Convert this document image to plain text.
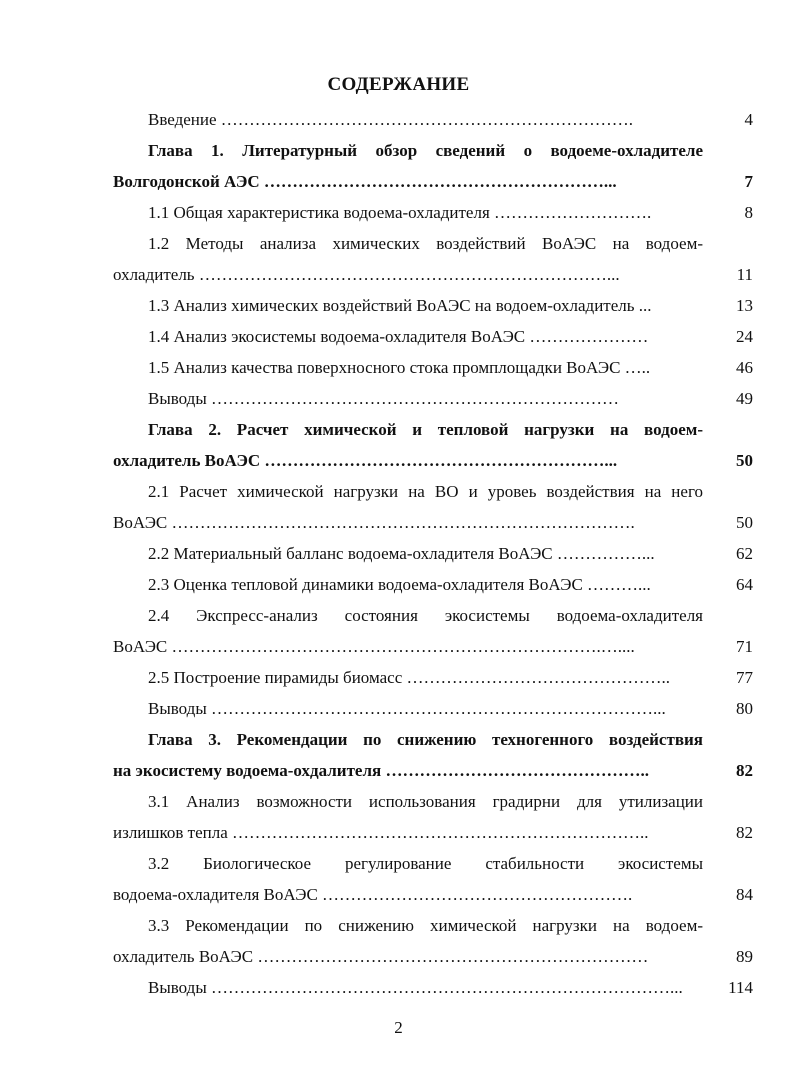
СОДЕРЖАНИЕ
Введение ……………………………………………………………….	4
Глава 1. Литературный обзор сведений о водоеме-охладителе
Волгодонской АЭС ……………………………………………………...	7
1.1 Общая характеристика водоема-охладителя ……………………….	8
1.2 Методы анализа химических воздействий ВоАЭС на водоем-
охладитель ………………………………………………………………...	11
1.3 Анализ химических воздействий ВоАЭС на водоем-охладитель ...	13
1.4 Анализ экосистемы водоема-охладителя ВоАЭС …………………	24
1.5 Анализ качества поверхносного стока промплощадки ВоАЭС …..	46
Выводы ………………………………………………………………	49
Глава 2. Расчет химической и тепловой нагрузки на водоем-
охладитель ВоАЭС ……………………………………………………...	50
2.1 Расчет химической нагрузки на ВО и уровеь воздействия на него
ВоАЭС ……………………………………………………………………….	50
2.2 Материальный балланс водоема-охладителя ВоАЭС ……………...	62
2.3 Оценка тепловой динамики водоема-охладителя ВоАЭС ………...	64
2.4 Экспресс-анализ состояния экосистемы водоема-охладителя
ВоАЭС ………………………………………………………………….…....	71
2.5 Построение пирамиды биомасс ………………………………………..	77
Выводы ……………………………………………………………………...	80
Глава 3. Рекомендации по снижению техногенного воздействия
на экосистему водоема-охдалителя ………………………………………..	82
3.1 Анализ возможности использования градирни для утилизации
излишков тепла ………………………………………………………………..	82
3.2 Биологическое регулирование стабильности экосистемы
водоема-охладителя ВоАЭС ……………………………………………….	84
3.3 Рекомендации по снижению химической нагрузки на водоем-
охладитель ВоАЭС ……………………………………………………………	89
Выводы ………………………………………………………………………...	114
2
